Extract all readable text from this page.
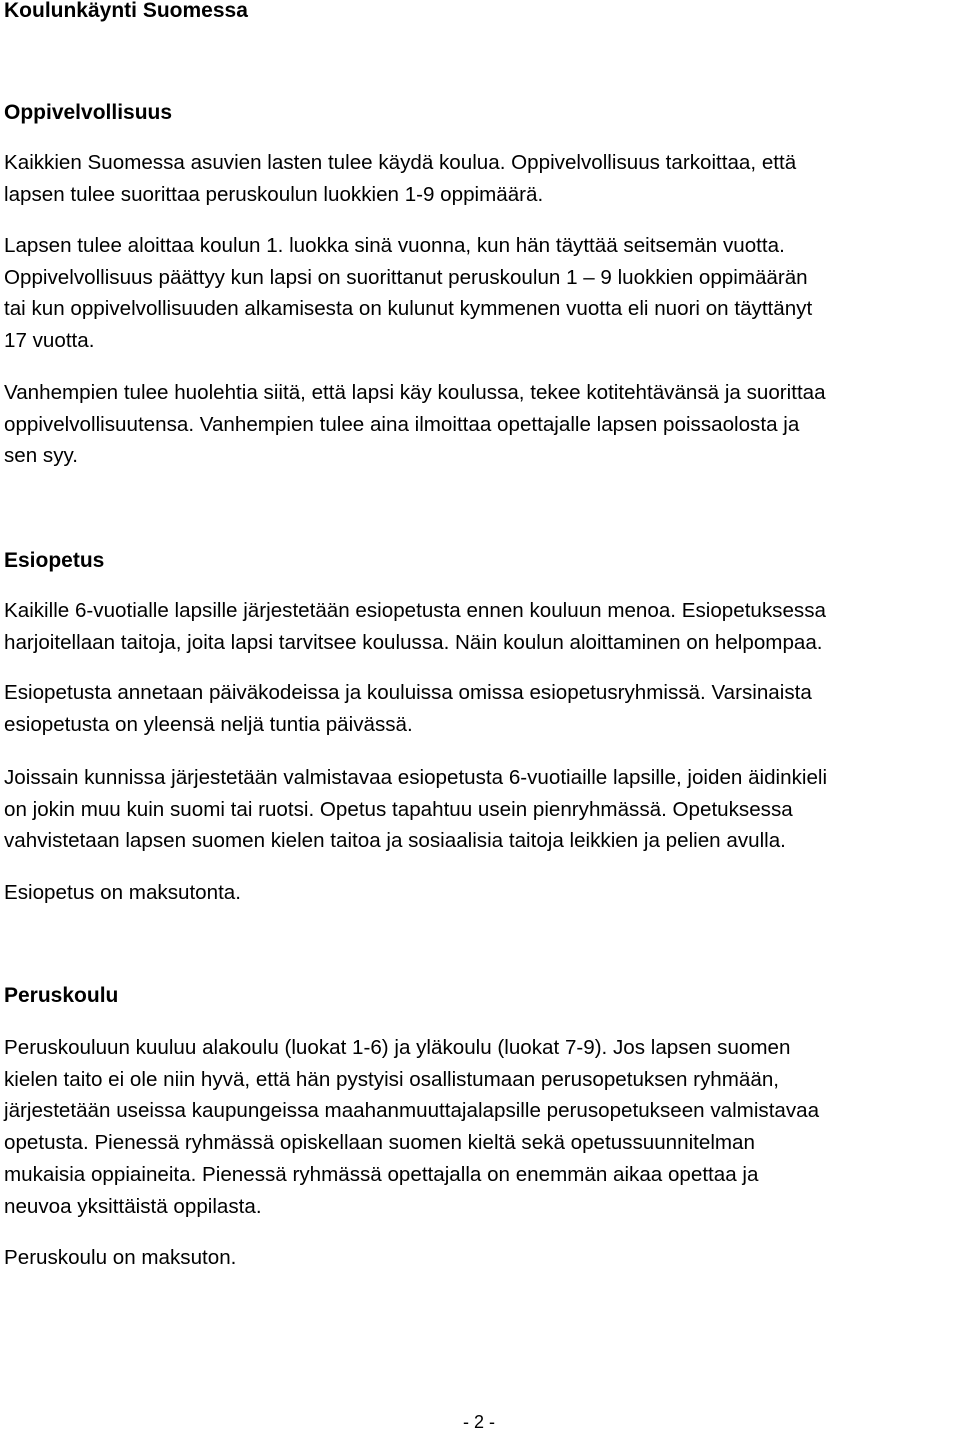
Koulunkäynti Suomessa
Oppivelvollisuus

Kaikkien Suomessa asuvien lasten tulee käydä koulua. Oppivelvollisuus tarkoittaa, että
lapsen tulee suorittaa peruskoulun luokkien 1-9 oppimäärä.

Lapsen tulee aloittaa koulun 1. luokka sinä vuonna, kun hän täyttää seitsemän vuotta.
Oppivelvollisuus päättyy kun lapsi on suorittanut peruskoulun 1 – 9 luokkien oppimäärän
tai kun oppivelvollisuuden alkamisesta on kulunut kymmenen vuotta eli nuori on täyttänyt
17 vuotta.

Vanhempien tulee huolehtia siitä, että lapsi käy koulussa, tekee kotitehtävänsä ja suorittaa
oppivelvollisuutensa. Vanhempien tulee aina ilmoittaa opettajalle lapsen poissaolosta ja
sen syy.

Esiopetus

Kaikille 6-vuotialle lapsille järjestetään esiopetusta ennen kouluun menoa. Esiopetuksessa
harjoitellaan taitoja, joita lapsi tarvitsee koulussa. Näin koulun aloittaminen on helpompaa.

Esiopetusta annetaan päiväkodeissa ja kouluissa omissa esiopetusryhmissä. Varsinaista
esiopetusta on yleensä neljä tuntia päivässä.

Joissain kunnissa järjestetään valmistavaa esiopetusta 6-vuotiaille lapsille, joiden äidinkieli
on jokin muu kuin suomi tai ruotsi. Opetus tapahtuu usein pienryhmässä. Opetuksessa
vahvistetaan lapsen suomen kielen taitoa ja sosiaalisia taitoja leikkien ja pelien avulla.

Esiopetus on maksutonta.

Peruskoulu

Peruskouluun kuuluu alakoulu (luokat 1-6) ja yläkoulu (luokat 7-9). Jos lapsen suomen
kielen taito ei ole niin hyvä, että hän pystyisi osallistumaan perusopetuksen ryhmään,
järjestetään useissa kaupungeissa maahanmuuttajalapsille perusopetukseen valmistavaa
opetusta. Pienessä ryhmässä opiskellaan suomen kieltä sekä opetussuunnitelman
mukaisia oppiaineita. Pienessä ryhmässä opettajalla on enemmän aikaa opettaa ja
neuvoa yksittäistä oppilasta.

Peruskoulu on maksuton.

- 2 -
